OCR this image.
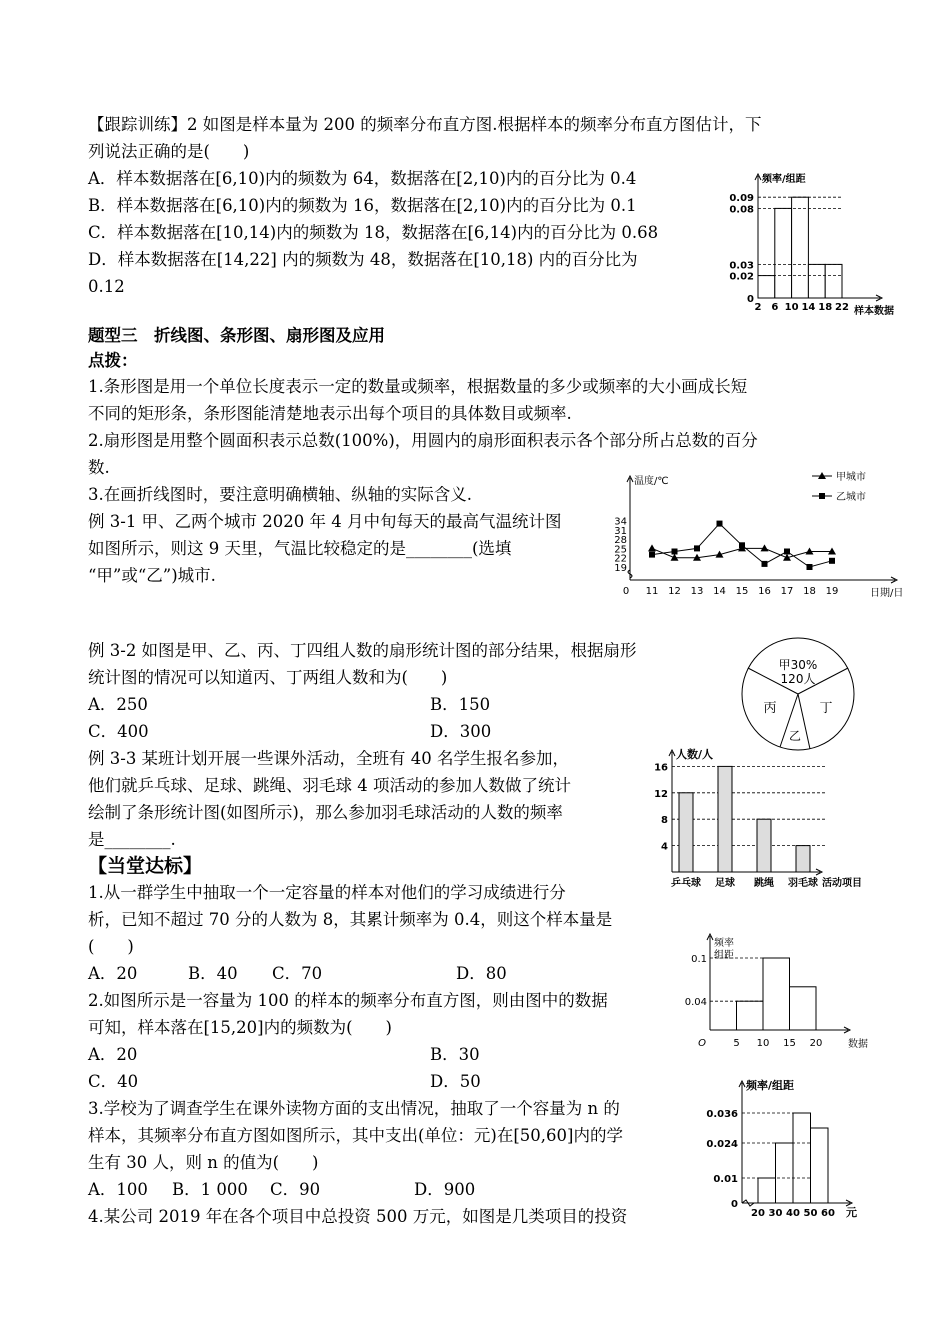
【跟踪训练】2 如图是样本量为 200 的频率分布直方图.根据样本的频率分布直方图估计，下
列说法正确的是(　　)
A．样本数据落在[6,10)内的频数为 64，数据落在[2,10)内的百分比为 0.4
B．样本数据落在[6,10)内的频数为 16，数据落在[2,10)内的百分比为 0.1
C．样本数据落在[10,14)内的频数为 18，数据落在[6,14)内的百分比为 0.68
D．样本数据落在[14,22] 内的频数为 48，数据落在[10,18) 内的百分比为
0.12
频率/组距
样本数据
0
0.02
0.03
0.08
0.09
2 6 10 14 18 22
题型三　折线图、条形图、扇形图及应用
点拨：
1.条形图是用一个单位长度表示一定的数量或频率，根据数量的多少或频率的大小画成长短
不同的矩形条，条形图能清楚地表示出每个项目的具体数目或频率.
2.扇形图是用整个圆面积表示总数(100%)，用圆内的扇形面积表示各个部分所占总数的百分
数.
3.在画折线图时，要注意明确横轴、纵轴的实际含义.
例 3-1 甲、乙两个城市 2020 年 4 月中旬每天的最高气温统计图
如图所示，则这 9 天里，气温比较稳定的是________(选填
“甲”或“乙”)城市.
温度/℃
日期/日
19
22
25
28
31
34
0 11 12 13 14 15 16 17 18 19
甲城市
乙城市
例 3-2 如图是甲、乙、丙、丁四组人数的扇形统计图的部分结果，根据扇形
统计图的情况可以知道丙、丁两组人数和为(　　)
A．250	B．150
C．400	D．300
甲30%
120人
丙	丁
乙
例 3-3 某班计划开展一些课外活动，全班有 40 名学生报名参加，
他们就乒乓球、足球、跳绳、羽毛球 4 项活动的参加人数做了统计
绘制了条形统计图(如图所示)，那么参加羽毛球活动的人数的频率
是________.
人数/人
活动项目
4
8
12
16
乒乓球 足球 跳绳 羽毛球
【当堂达标】
1.从一群学生中抽取一个一定容量的样本对他们的学习成绩进行分
析，已知不超过 70 分的人数为 8，其累计频率为 0.4，则这个样本量是
(　　)
A．20	B．40 C．70	D．80
2.如图所示是一容量为 100 的样本的频率分布直方图，则由图中的数据
可知，样本落在[15,20]内的频数为(　　)
A．20	B．30
C．40	D．50
频率
组距
数据
0.04
0.1
O	5 10 15 20
3.学校为了调查学生在课外读物方面的支出情况，抽取了一个容量为 n 的
样本，其频率分布直方图如图所示，其中支出(单位：元)在[50,60]内的学
生有 30 人，则 n 的值为(　　)
A．100 B．1 000 C．90	D．900
4.某公司 2019 年在各个项目中总投资 500 万元，如图是几类项目的投资
频率/组距
元
0
0.01
0.024
0.036
20 30 40 50 60
